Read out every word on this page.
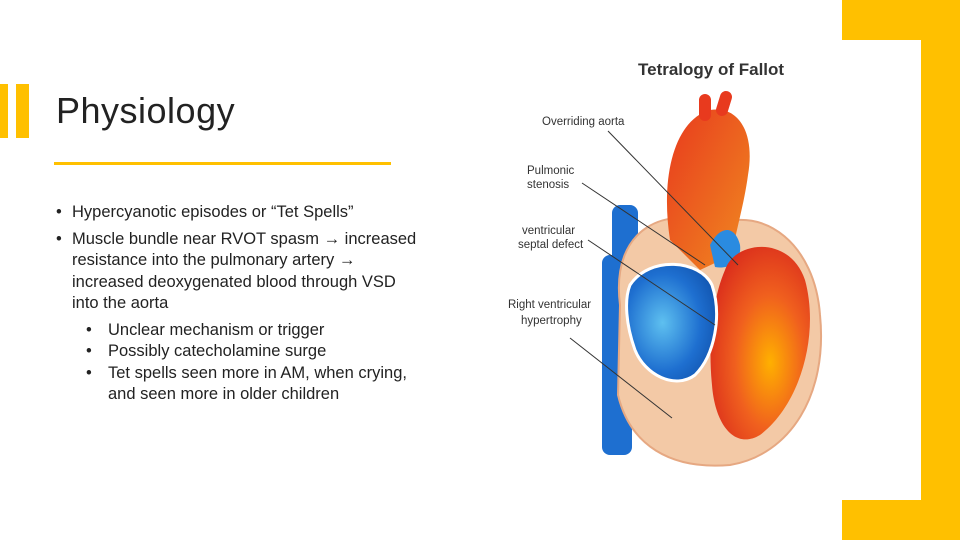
Physiology
• Hypercyanotic episodes or “Tet Spells”
• Muscle bundle near RVOT spasm → increased resistance into the pulmonary artery → increased deoxygenated blood through VSD into the aorta
• Unclear mechanism or trigger
• Possibly catecholamine surge
• Tet spells seen more in AM, when crying, and seen more in older children
Tetralogy of Fallot
Overriding aorta
Pulmonic
stenosis
ventricular
septal defect
Right ventricular
hypertrophy
